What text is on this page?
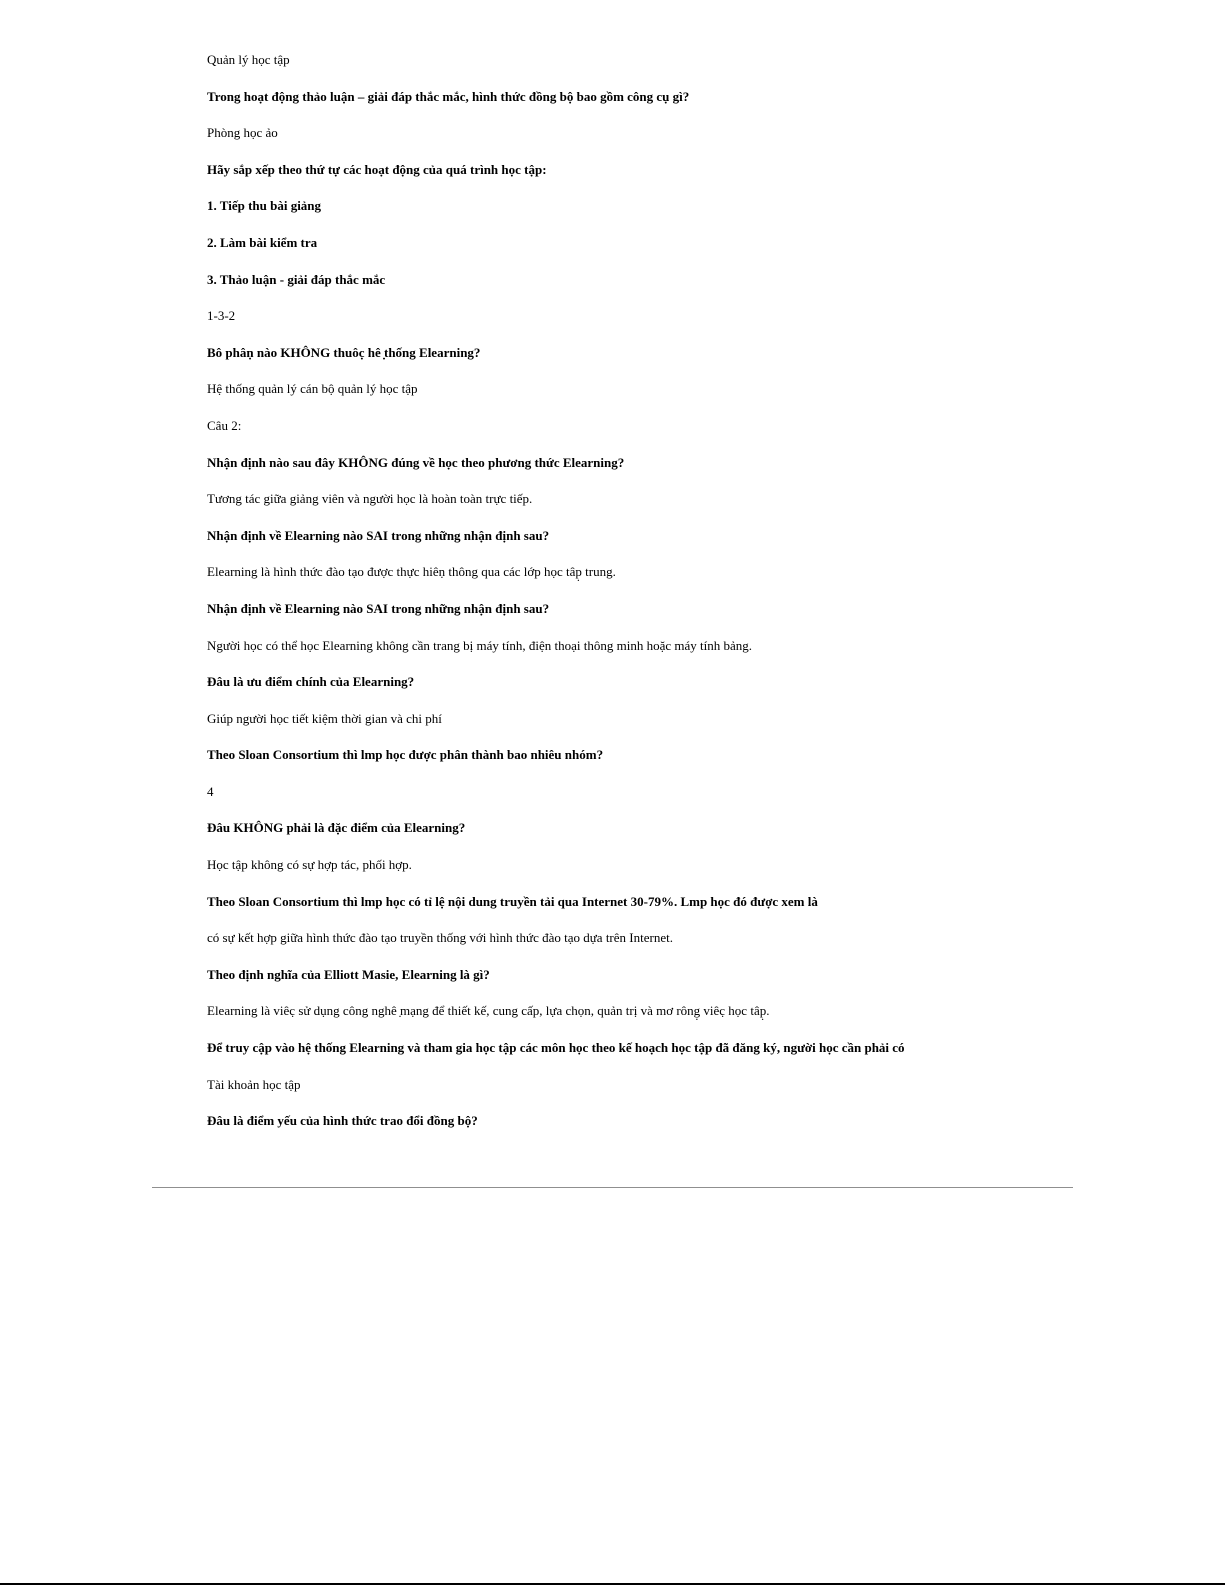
Quản lý học tập
Trong hoạt động thảo luận – giải đáp thắc mắc, hình thức đồng bộ bao gồm công cụ gì?
Phòng học ảo
Hãy sắp xếp theo thứ tự các hoạt động của quá trình học tập:
1. Tiếp thu bài giảng
2. Làm bài kiểm tra
3. Thảo luận - giải đáp thắc mắc
1-3-2
Bô phâṇ nào KHÔNG thuôc̣ hê ̣thống Elearning?
Hệ thống quản lý cán bộ quản lý học tập
Câu 2:
Nhận định nào sau đây KHÔNG đúng về học theo phương thức Elearning?
Tương tác giữa giảng viên và người học là hoàn toàn trực tiếp.
Nhận định về Elearning nào SAI trong những nhận định sau?
Elearning là hình thức đào tạo được thực hiêṇ thông qua các lớp học tâp̣ trung.
Nhận định về Elearning nào SAI trong những nhận định sau?
Người học có thể học Elearning không cần trang bị máy tính, điện thoại thông minh hoặc máy tính bảng.
Đâu là ưu điểm chính của Elearning?
Giúp người học tiết kiệm thời gian và chi phí
Theo Sloan Consortium thì lmp học được phân thành bao nhiêu nhóm?
4
Đâu KHÔNG phải là đặc điểm của Elearning?
Học tập không có sự hợp tác, phối hợp.
Theo Sloan Consortium thì lmp học có tỉ lệ nội dung truyền tải qua Internet 30-79%. Lmp học đó được xem là
có sự kết hợp giữa hình thức đào tạo truyền thống với hình thức đào tạo dựa trên Internet.
Theo định nghĩa của Elliott Masie, Elearning là gì?
Elearning là viêc̣ sử dụng công nghê ̣mạng để thiết kế, cung cấp, lựa chọn, quản trị và mơ rông̣ viêc̣ học tâp̣.
Để truy cập vào hệ thống Elearning và tham gia học tập các môn học theo kế hoạch học tập đã đăng ký, người học cần phải có
Tài khoản học tập
Đâu là điểm yếu của hình thức trao đổi đồng bộ?
